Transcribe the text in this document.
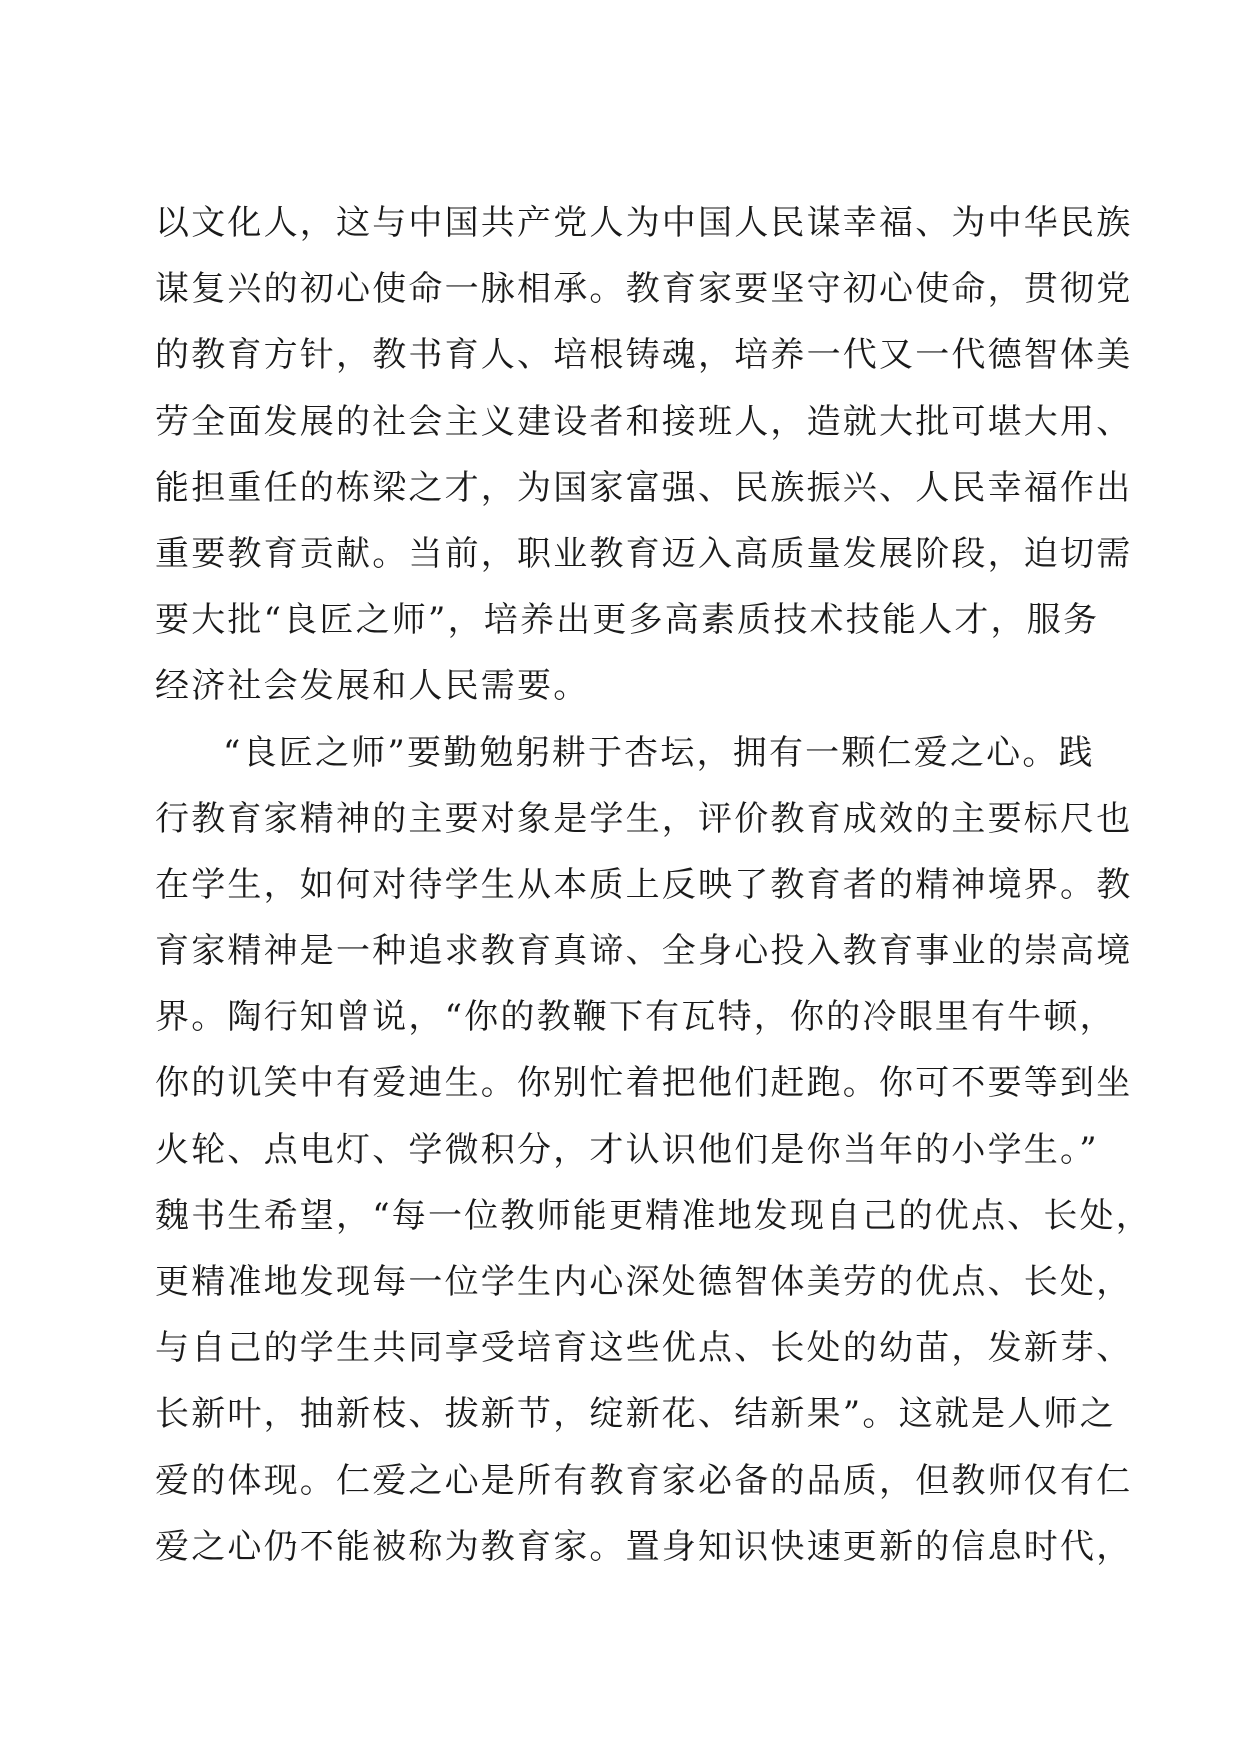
以文化人，这与中国共产党人为中国人民谋幸福、为中华民族
谋复兴的初心使命一脉相承。教育家要坚守初心使命，贯彻党
的教育方针，教书育人、培根铸魂，培养一代又一代德智体美
劳全面发展的社会主义建设者和接班人，造就大批可堪大用、
能担重任的栋梁之才，为国家富强、民族振兴、人民幸福作出
重要教育贡献。当前，职业教育迈入高质量发展阶段，迫切需
要大批“良匠之师”，培养出更多高素质技术技能人才，服务
经济社会发展和人民需要。
“良匠之师”要勤勉躬耕于杏坛，拥有一颗仁爱之心。践
行教育家精神的主要对象是学生，评价教育成效的主要标尺也
在学生，如何对待学生从本质上反映了教育者的精神境界。教
育家精神是一种追求教育真谛、全身心投入教育事业的崇高境
界。陶行知曾说，“你的教鞭下有瓦特，你的冷眼里有牛顿，
你的讥笑中有爱迪生。你别忙着把他们赶跑。你可不要等到坐
火轮、点电灯、学微积分，才认识他们是你当年的小学生。”
魏书生希望，“每一位教师能更精准地发现自己的优点、长处，
更精准地发现每一位学生内心深处德智体美劳的优点、长处，
与自己的学生共同享受培育这些优点、长处的幼苗，发新芽、
长新叶，抽新枝、拔新节，绽新花、结新果”。这就是人师之
爱的体现。仁爱之心是所有教育家必备的品质，但教师仅有仁
爱之心仍不能被称为教育家。置身知识快速更新的信息时代，
